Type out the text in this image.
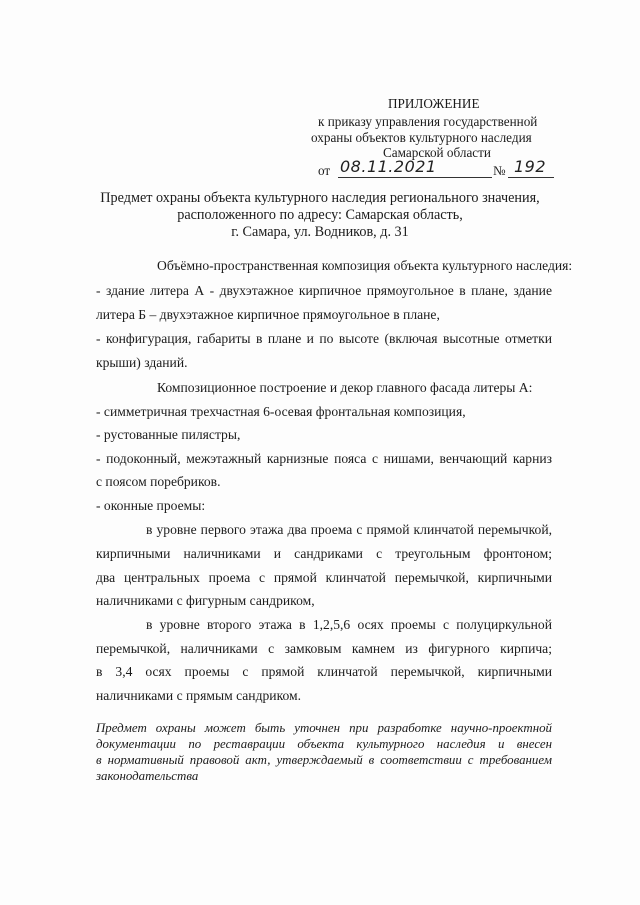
ПРИЛОЖЕНИЕ
к приказу управления государственной
охраны объектов культурного наследия
Самарской области
от 08.11.2021	№ 192
Предмет охраны объекта культурного наследия регионального значения,
расположенного по адресу: Самарская область,
г. Самара, ул. Водников, д. 31
Объёмно-пространственная композиция объекта культурного наследия:
- здание литера А - двухэтажное кирпичное прямоугольное в плане, здание
литера Б – двухэтажное кирпичное прямоугольное в плане,
- конфигурация, габариты в плане и по высоте (включая высотные отметки
крыши) зданий.
Композиционное построение и декор главного фасада литеры А:
- симметричная трехчастная 6-осевая фронтальная композиция,
- рустованные пилястры,
- подоконный, межэтажный карнизные пояса с нишами, венчающий карниз
с поясом поребриков.
- оконные проемы:
в уровне первого этажа два проема с прямой клинчатой перемычкой,
кирпичными наличниками и сандриками с треугольным фронтоном;
два центральных проема с прямой клинчатой перемычкой, кирпичными
наличниками с фигурным сандриком,
в уровне второго этажа в 1,2,5,6 осях проемы с полуциркульной
перемычкой, наличниками с замковым камнем из фигурного кирпича;
в 3,4 осях проемы с прямой клинчатой перемычкой, кирпичными
наличниками с прямым сандриком.
Предмет охраны может быть уточнен при разработке научно-проектной
документации по реставрации объекта культурного наследия и внесен
в нормативный правовой акт, утверждаемый в соответствии с требованием
законодательства
